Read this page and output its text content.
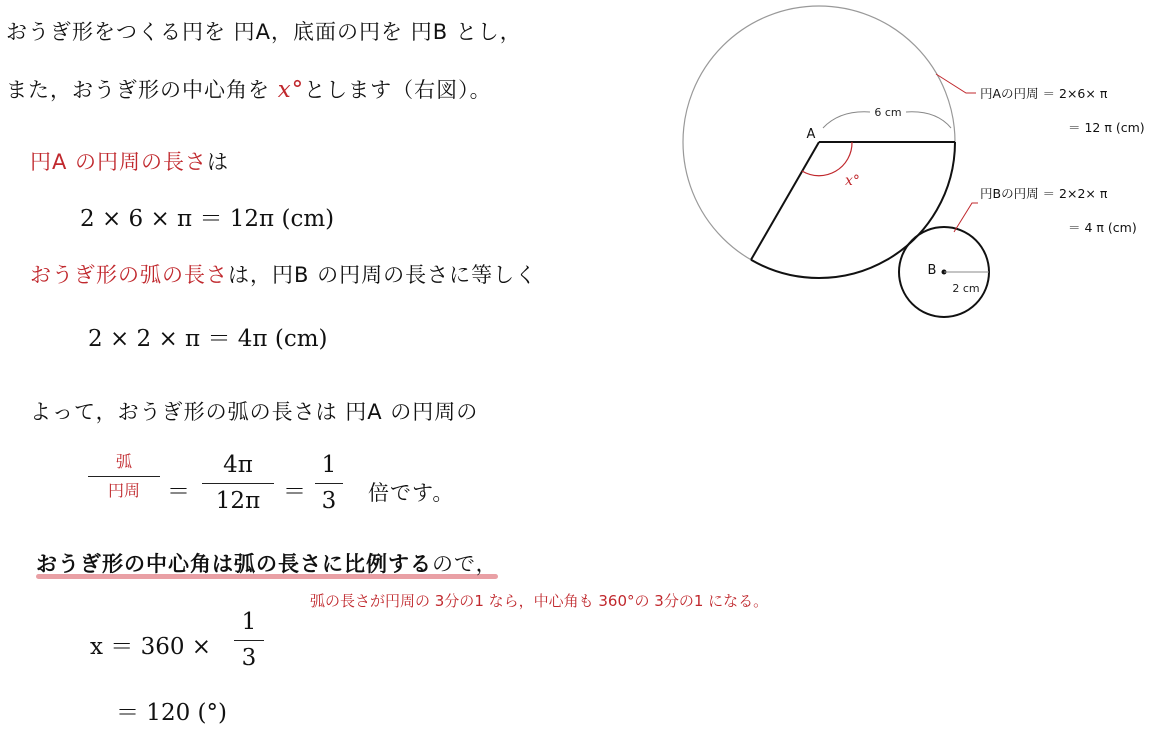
おうぎ形をつくる円を 円A，底面の円を 円B とし，
また，おうぎ形の中心角を x°とします（右図）。
円A の円周の長さは
2 × 6 × π ＝ 12π (cm)
おうぎ形の弧の長さは，円B の円周の長さに等しく
2 × 2 × π ＝ 4π (cm)
よって，おうぎ形の弧の長さは 円A の円周の
弧
円周 ＝
4π
12π ＝
1
3 倍です。
おうぎ形の中心角は弧の長さに比例するので，
弧の長さが円周の 3分の1 なら，中心角も 360°の 3分の1 になる。
x ＝ 360 ×
1
3
＝ 120 (°)
6 cm
A
x°
B
2 cm
円Aの円周 ＝ 2×6× π
＝ 12 π (cm)
円Bの円周 ＝ 2×2× π
＝ 4 π (cm)
